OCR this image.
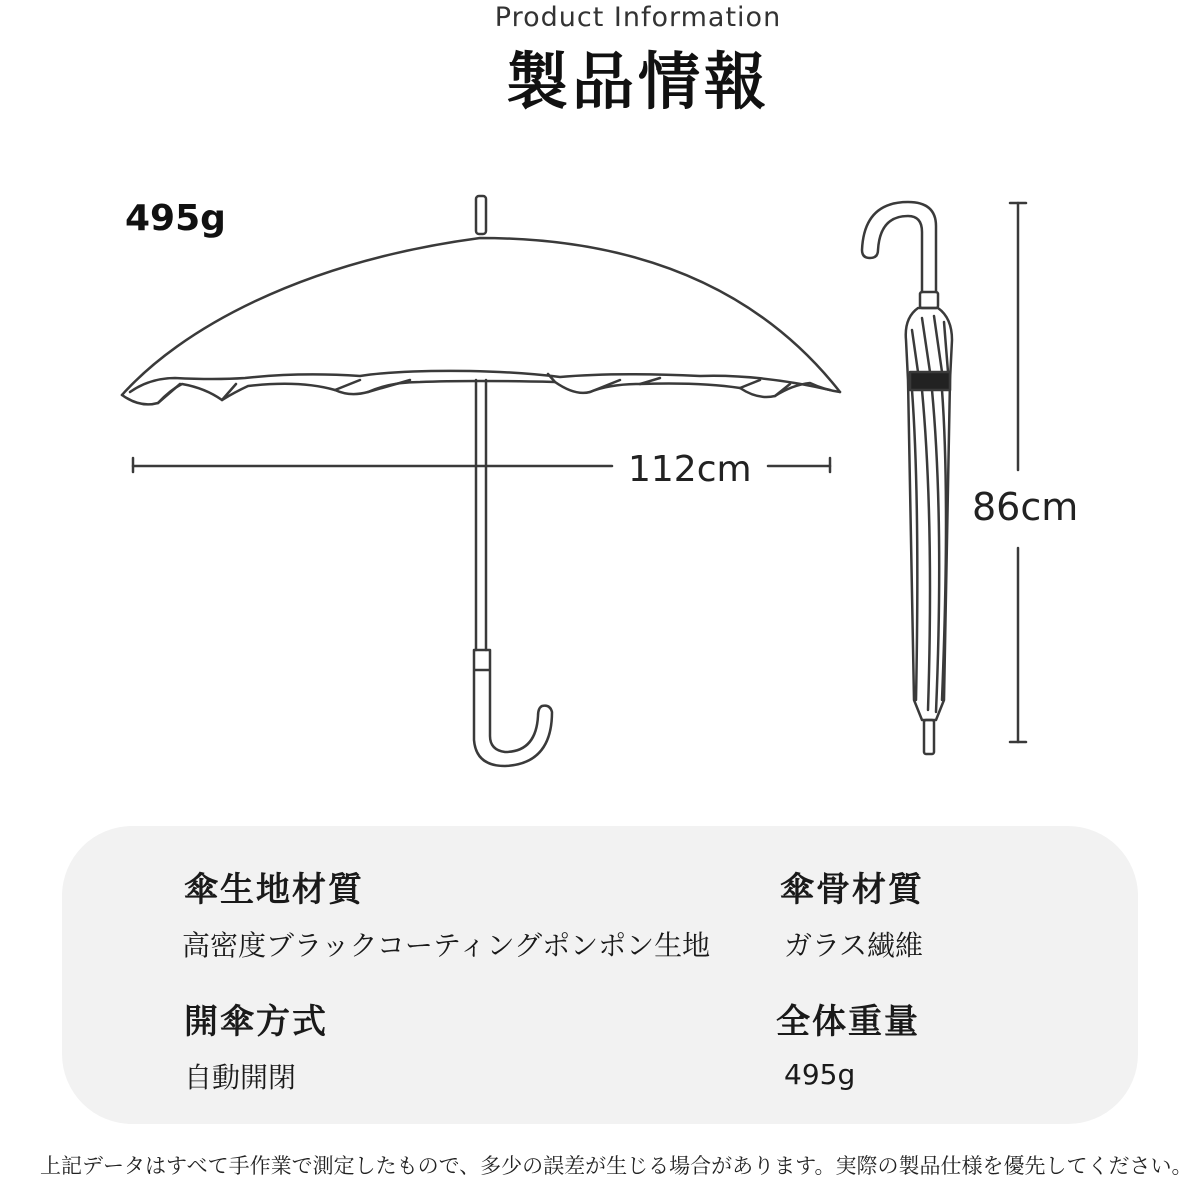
Product Information
製品情報
495g
112cm
86cm
傘生地材質
高密度ブラックコーティングポンポン生地
傘骨材質
ガラス繊維
開傘方式
自動開閉
全体重量
495g
上記データはすべて手作業で測定したもので、多少の誤差が生じる場合があります。実際の製品仕様を優先してください。
